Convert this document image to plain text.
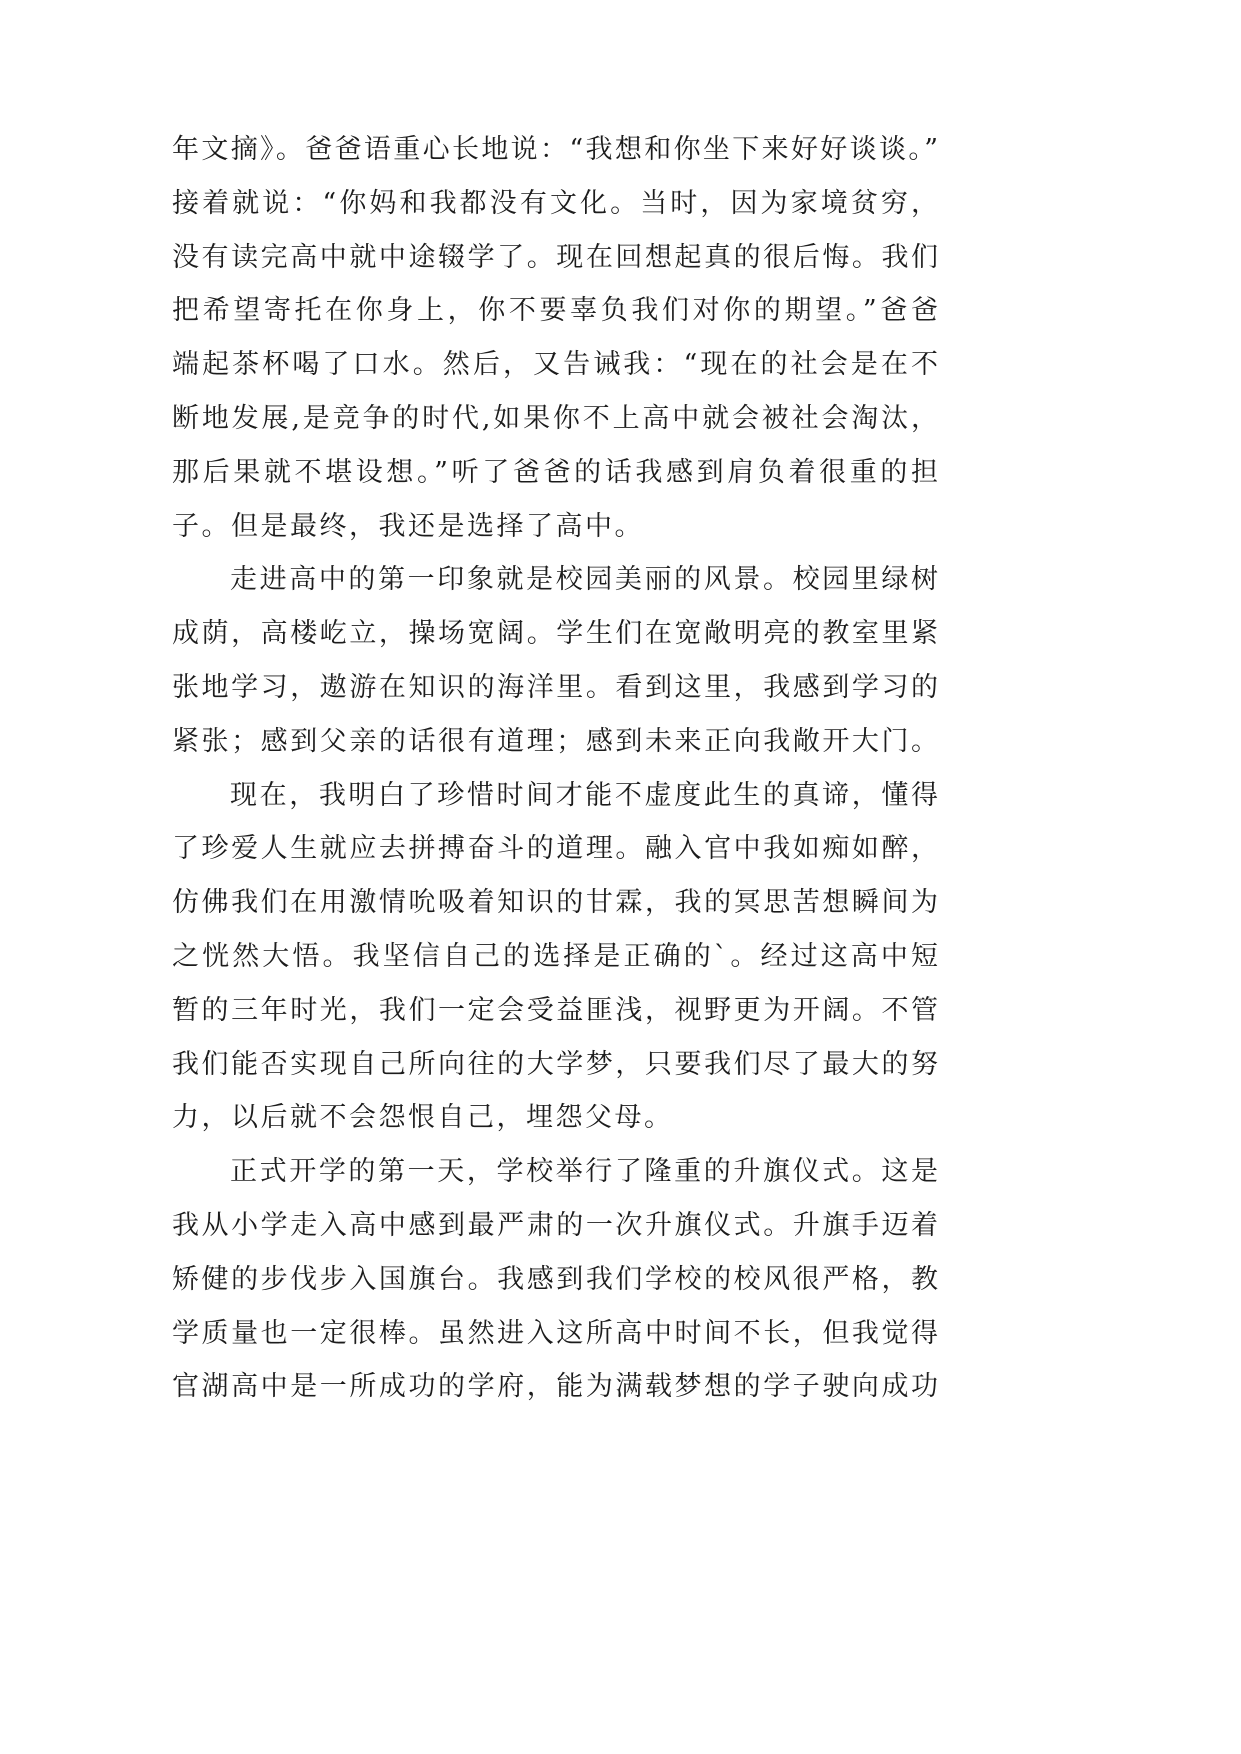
年文摘》。爸爸语重心长地说：“我想和你坐下来好好谈谈。”
接着就说：“你妈和我都没有文化。当时，因为家境贫穷，
没有读完高中就中途辍学了。现在回想起真的很后悔。我们
把希望寄托在你身上，你不要辜负我们对你的期望。”爸爸
端起茶杯喝了口水。然后，又告诫我：“现在的社会是在不
断地发展,是竞争的时代,如果你不上高中就会被社会淘汰，
那后果就不堪设想。”听了爸爸的话我感到肩负着很重的担
子。但是最终，我还是选择了高中。
走进高中的第一印象就是校园美丽的风景。校园里绿树
成荫，高楼屹立，操场宽阔。学生们在宽敞明亮的教室里紧
张地学习，遨游在知识的海洋里。看到这里，我感到学习的
紧张；感到父亲的话很有道理；感到未来正向我敞开大门。
现在，我明白了珍惜时间才能不虚度此生的真谛，懂得
了珍爱人生就应去拼搏奋斗的道理。融入官中我如痴如醉，
仿佛我们在用激情吮吸着知识的甘霖，我的冥思苦想瞬间为
之恍然大悟。我坚信自己的选择是正确的`。经过这高中短
暂的三年时光，我们一定会受益匪浅，视野更为开阔。不管
我们能否实现自己所向往的大学梦，只要我们尽了最大的努
力，以后就不会怨恨自己，埋怨父母。
正式开学的第一天，学校举行了隆重的升旗仪式。这是
我从小学走入高中感到最严肃的一次升旗仪式。升旗手迈着
矫健的步伐步入国旗台。我感到我们学校的校风很严格，教
学质量也一定很棒。虽然进入这所高中时间不长，但我觉得
官湖高中是一所成功的学府，能为满载梦想的学子驶向成功
